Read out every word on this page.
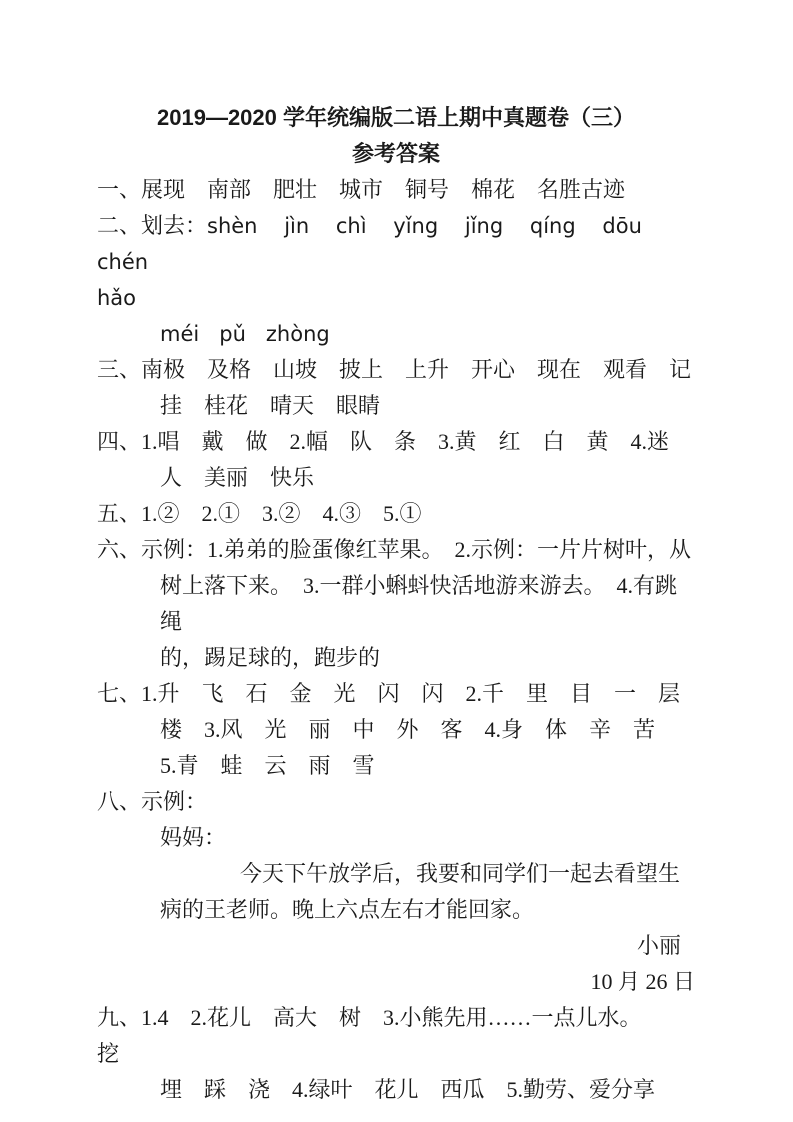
2019—2020 学年统编版二语上期中真题卷（三）
参考答案
一、展现　南部　肥壮　城市　铜号　棉花　名胜古迹
二、划去：shèn    jìn    chì    yǐng    jǐng    qíng    dōu    chén
hǎo
méi   pǔ   zhòng
三、南极　及格　山坡　披上　上升　开心　现在　观看　记
挂　桂花　晴天　眼睛
四、1.唱　戴　做　2.幅　队　条　3.黄　红　白　黄　4.迷
人　美丽　快乐
五、1.②　2.①　3.②　4.③　5.①
六、示例：1.弟弟的脸蛋像红苹果。　2.示例：一片片树叶，从
树上落下来。　3.一群小蝌蚪快活地游来游去。　4.有跳绳
的，踢足球的，跑步的
七、1.升　飞　石　金　光　闪　闪　2.千　里　目　一　层
楼　3.风　光　丽　中　外　客　4.身　体　辛　苦
5.青　蛙　云　雨　雪
八、示例：
妈妈：
今天下午放学后，我要和同学们一起去看望生
病的王老师。晚上六点左右才能回家。
小丽
10 月 26 日
九、1.4　2.花儿　高大　树　3.小熊先用……一点儿水。　　挖
埋　踩　浇　4.绿叶　花儿　西瓜　5.勤劳、爱分享
